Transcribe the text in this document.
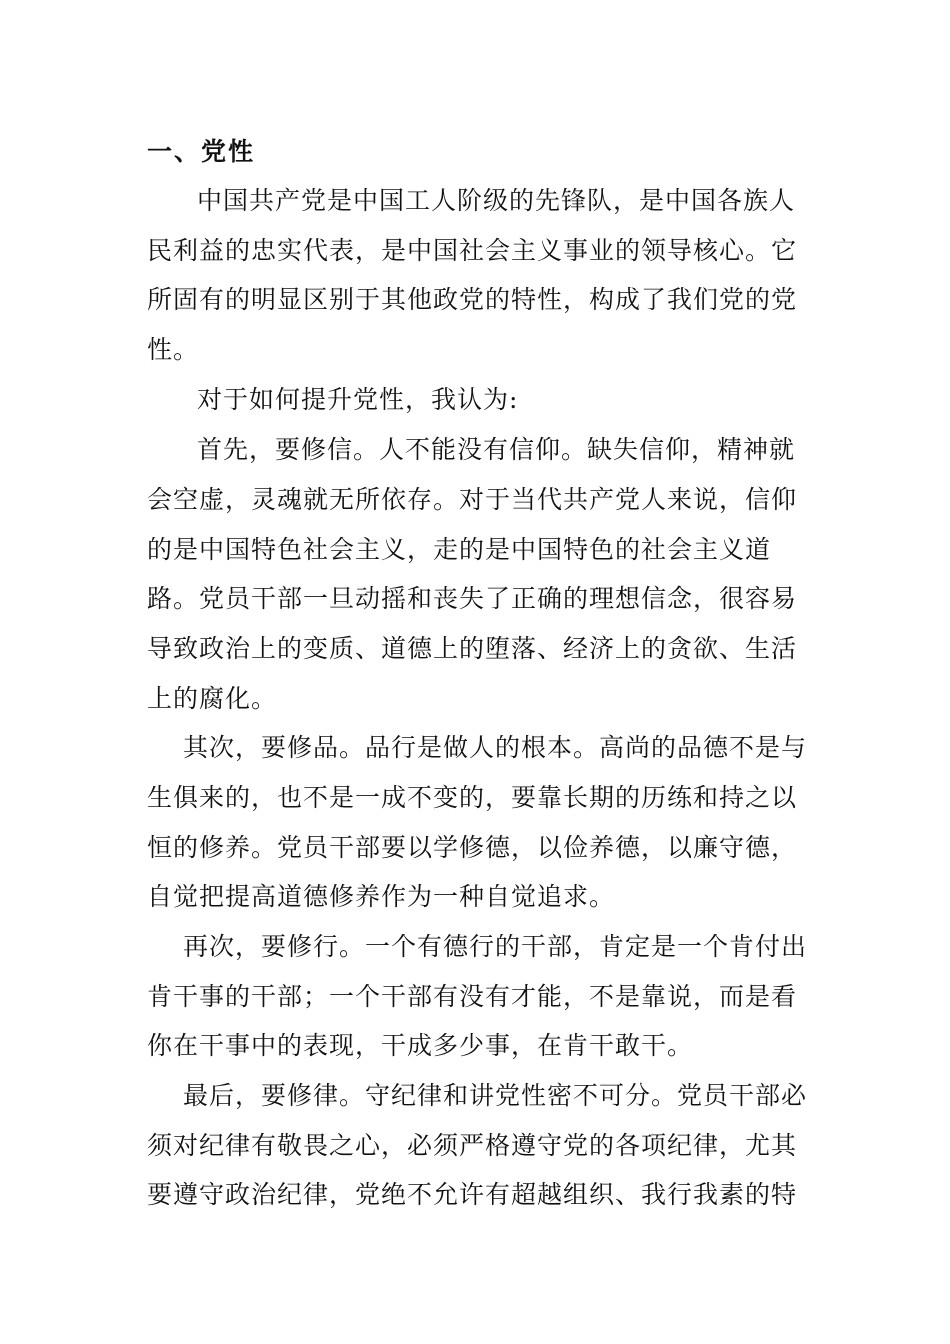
一、党性
中国共产党是中国工人阶级的先锋队，是中国各族人
民利益的忠实代表，是中国社会主义事业的领导核心。它
所固有的明显区别于其他政党的特性，构成了我们党的党
性。
对于如何提升党性，我认为:
首先，要修信。人不能没有信仰。缺失信仰，精神就
会空虚，灵魂就无所依存。对于当代共产党人来说，信仰
的是中国特色社会主义，走的是中国特色的社会主义道
路。党员干部一旦动摇和丧失了正确的理想信念，很容易
导致政治上的变质、道德上的堕落、经济上的贪欲、生活
上的腐化。
其次，要修品。品行是做人的根本。高尚的品德不是与
生俱来的，也不是一成不变的，要靠长期的历练和持之以
恒的修养。党员干部要以学修德，以俭养德，以廉守德，
自觉把提高道德修养作为一种自觉追求。
再次，要修行。一个有德行的干部，肯定是一个肯付出
肯干事的干部；一个干部有没有才能，不是靠说，而是看
你在干事中的表现，干成多少事，在肯干敢干。
最后，要修律。守纪律和讲党性密不可分。党员干部必
须对纪律有敬畏之心，必须严格遵守党的各项纪律，尤其
要遵守政治纪律，党绝不允许有超越组织、我行我素的特
